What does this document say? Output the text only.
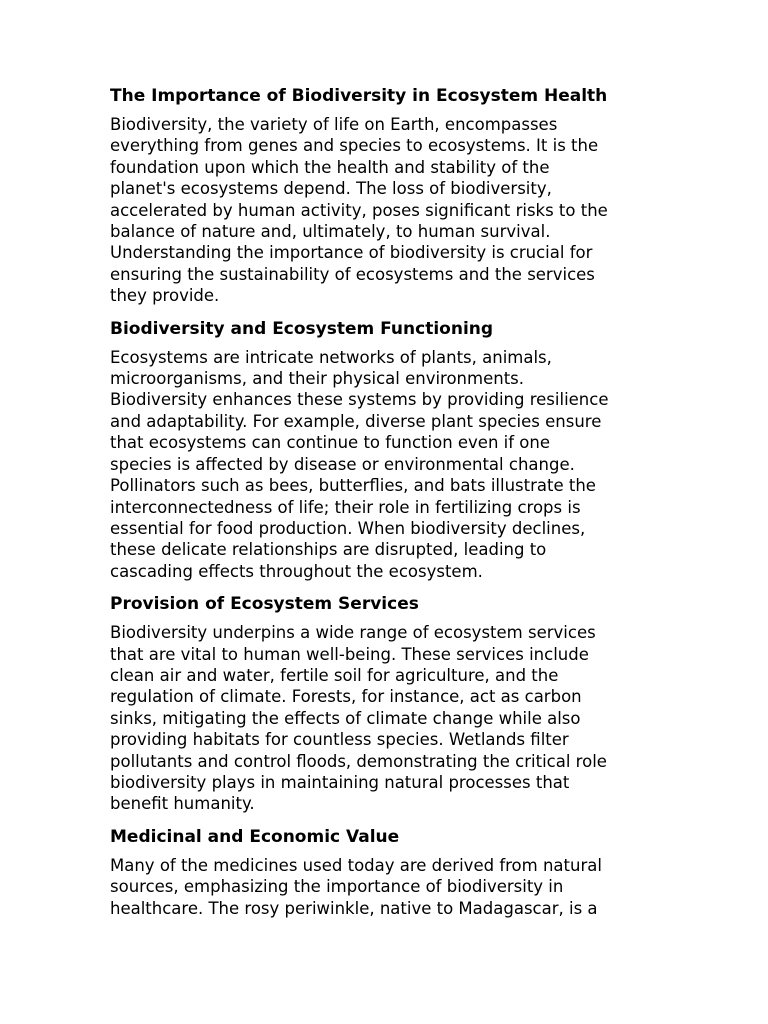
The Importance of Biodiversity in Ecosystem Health
Biodiversity, the variety of life on Earth, encompasses
everything from genes and species to ecosystems. It is the
foundation upon which the health and stability of the
planet's ecosystems depend. The loss of biodiversity,
accelerated by human activity, poses significant risks to the
balance of nature and, ultimately, to human survival.
Understanding the importance of biodiversity is crucial for
ensuring the sustainability of ecosystems and the services
they provide.
Biodiversity and Ecosystem Functioning
Ecosystems are intricate networks of plants, animals,
microorganisms, and their physical environments.
Biodiversity enhances these systems by providing resilience
and adaptability. For example, diverse plant species ensure
that ecosystems can continue to function even if one
species is affected by disease or environmental change.
Pollinators such as bees, butterflies, and bats illustrate the
interconnectedness of life; their role in fertilizing crops is
essential for food production. When biodiversity declines,
these delicate relationships are disrupted, leading to
cascading effects throughout the ecosystem.
Provision of Ecosystem Services
Biodiversity underpins a wide range of ecosystem services
that are vital to human well-being. These services include
clean air and water, fertile soil for agriculture, and the
regulation of climate. Forests, for instance, act as carbon
sinks, mitigating the effects of climate change while also
providing habitats for countless species. Wetlands filter
pollutants and control floods, demonstrating the critical role
biodiversity plays in maintaining natural processes that
benefit humanity.
Medicinal and Economic Value
Many of the medicines used today are derived from natural
sources, emphasizing the importance of biodiversity in
healthcare. The rosy periwinkle, native to Madagascar, is a
